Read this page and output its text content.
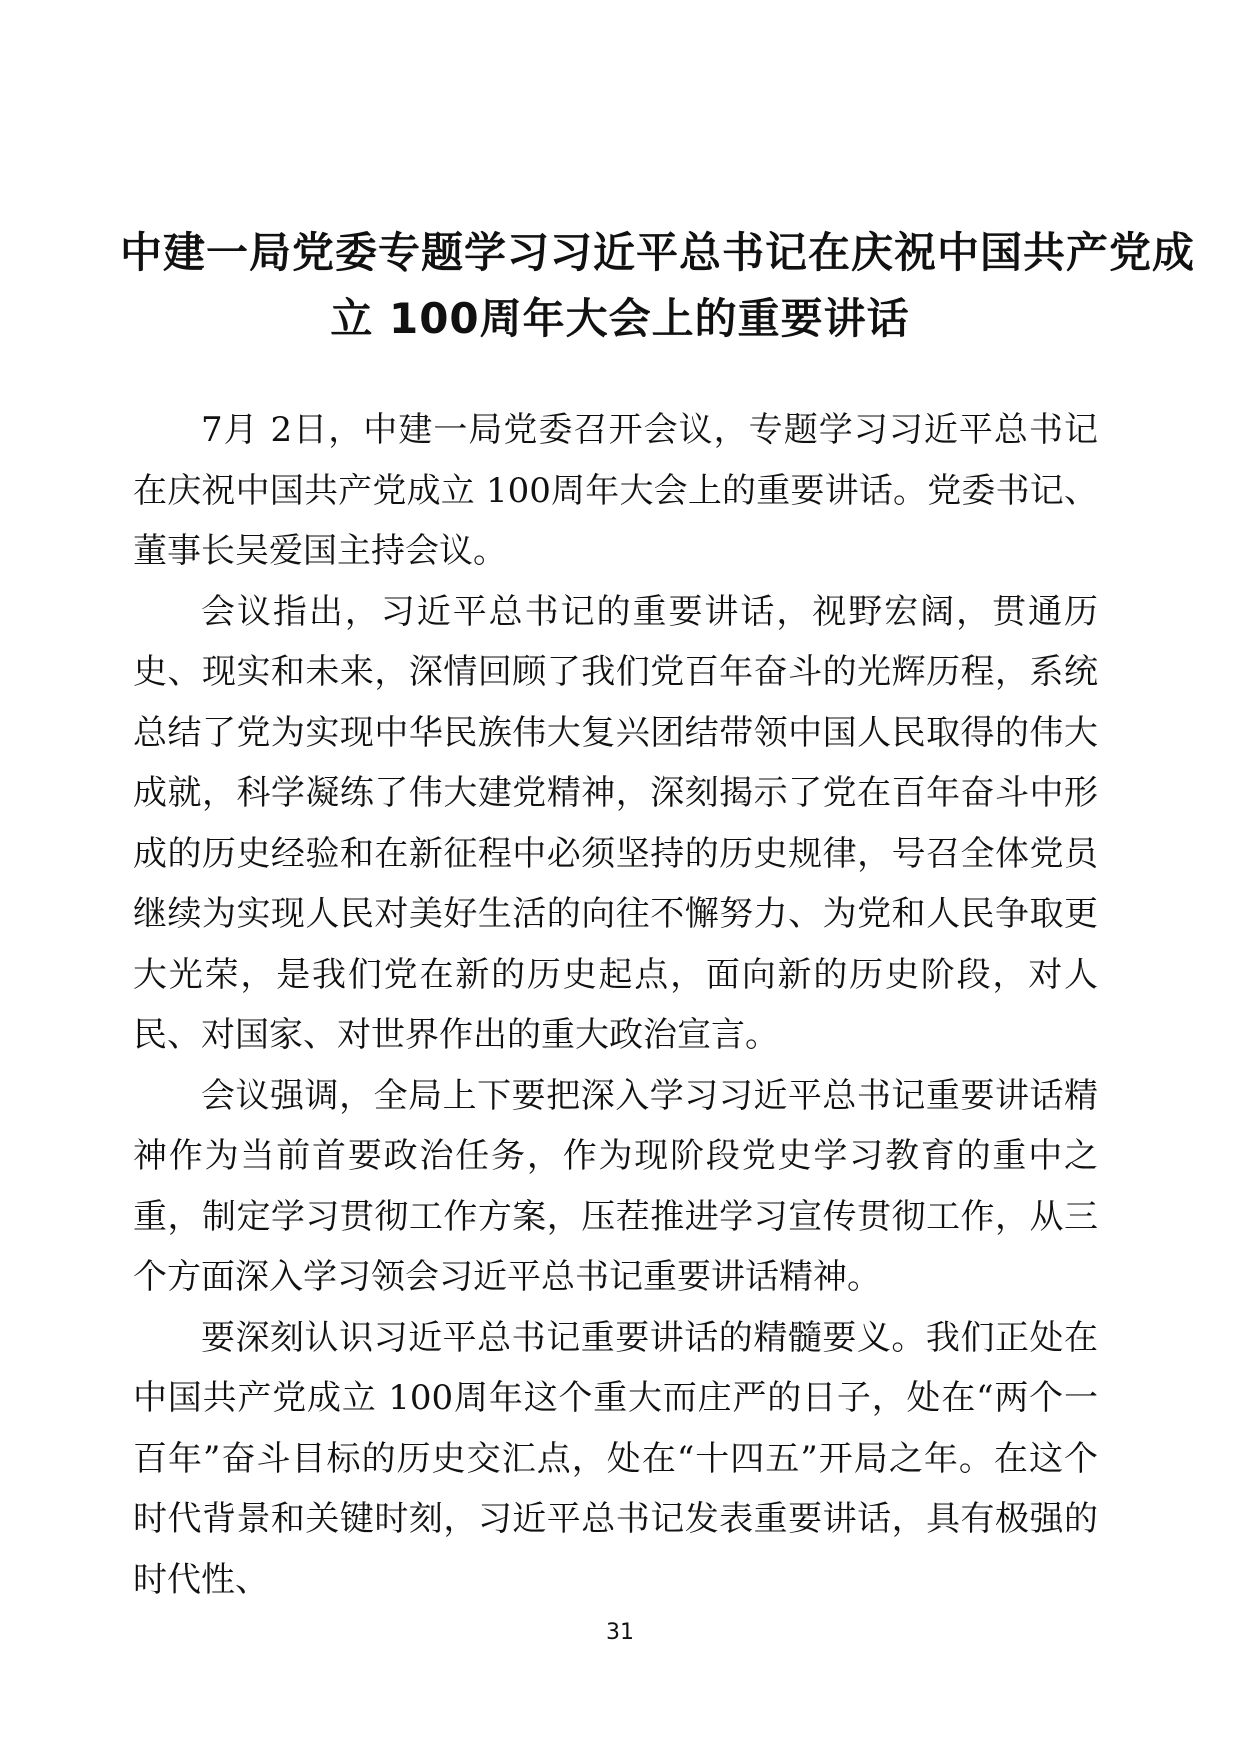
中建一局党委专题学习习近平总书记在庆祝中国共产党成
立 100周年大会上的重要讲话

7月 2日，中建一局党委召开会议，专题学习习近平总书记在庆祝中国共产党成立 100周年大会上的重要讲话。党委书记、董事长吴爱国主持会议。

会议指出，习近平总书记的重要讲话，视野宏阔，贯通历史、现实和未来，深情回顾了我们党百年奋斗的光辉历程，系统总结了党为实现中华民族伟大复兴团结带领中国人民取得的伟大成就，科学凝练了伟大建党精神，深刻揭示了党在百年奋斗中形成的历史经验和在新征程中必须坚持的历史规律，号召全体党员继续为实现人民对美好生活的向往不懈努力、为党和人民争取更大光荣，是我们党在新的历史起点，面向新的历史阶段，对人民、对国家、对世界作出的重大政治宣言。

会议强调，全局上下要把深入学习习近平总书记重要讲话精神作为当前首要政治任务，作为现阶段党史学习教育的重中之重，制定学习贯彻工作方案，压茬推进学习宣传贯彻工作，从三个方面深入学习领会习近平总书记重要讲话精神。

要深刻认识习近平总书记重要讲话的精髓要义。我们正处在中国共产党成立 100周年这个重大而庄严的日子，处在“两个一百年”奋斗目标的历史交汇点，处在“十四五”开局之年。在这个时代背景和关键时刻，习近平总书记发表重要讲话，具有极强的时代性、

31
